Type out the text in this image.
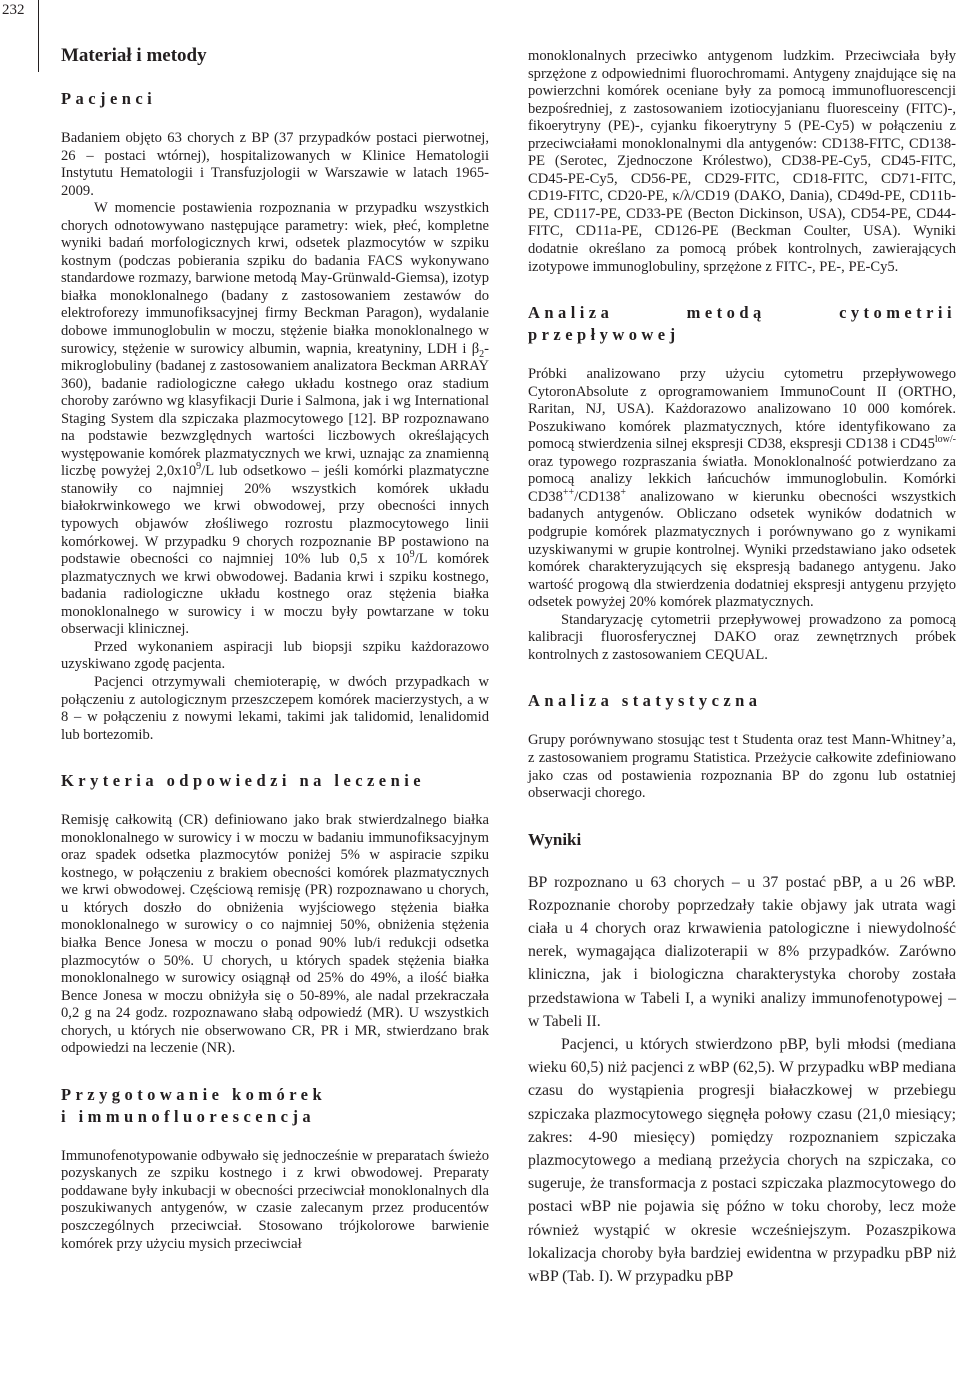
232
Materiał i metody
Pacjenci

Badaniem objęto 63 chorych z BP (37 przypadków postaci pierwotnej, 26 – postaci wtórnej), hospitalizowanych w Klinice Hematologii Instytutu Hematologii i Transfuzjologii w Warszawie w latach 1965-2009.

W momencie postawienia rozpoznania w przypadku wszystkich chorych odnotowywano następujące parametry: wiek, płeć, kompletne wyniki badań morfologicznych krwi, odsetek plazmocytów w szpiku kostnym (podczas pobierania szpiku do badania FACS wykonywano standardowe rozmazy, barwione metodą May-Grünwald-Giemsa), izotyp białka monoklonalnego (badany z zastosowaniem zestawów do elektroforezy immunofiksacyjnej firmy Beckman Paragon), wydalanie dobowe immunoglobulin w moczu, stężenie białka monoklonalnego w surowicy, stężenie w surowicy albumin, wapnia, kreatyniny, LDH i $\beta_2$-mikroglobuliny (badanej z zastosowaniem analizatora Beckman ARRAY 360), badanie radiologiczne całego układu kostnego oraz stadium choroby zarówno wg klasyfikacji Durie i Salmona, jak i wg International Staging System dla szpiczaka plazmocytowego [12]. BP rozpoznawano na podstawie bezwzględnych wartości liczbowych określających występowanie komórek plazmatycznych we krwi, uznając za znamienną liczbę powyżej $2,0x10^9/L$ lub odsetkowo – jeśli komórki plazmatyczne stanowiły co najmniej 20% wszystkich komórek układu białokrwinkowego we krwi obwodowej, przy obecności innych typowych objawów złośliwego rozrostu plazmocytowego linii komórkowej. W przypadku 9 chorych rozpoznanie BP postawiono na podstawie obecności co najmniej 10% lub 0,5 x $10^9/L$ komórek plazmatycznych we krwi obwodowej. Badania krwi i szpiku kostnego, badania radiologiczne układu kostnego oraz stężenia białka monoklonalnego w surowicy i w moczu były powtarzane w toku obserwacji klinicznej.

Przed wykonaniem aspiracji lub biopsji szpiku każdorazowo uzyskiwano zgodę pacjenta.

Pacjenci otrzymywali chemioterapię, w dwóch przypadkach w połączeniu z autologicznym przeszczepem komórek macierzystych, a w 8 – w połączeniu z nowymi lekami, takimi jak talidomid, lenalidomid lub bortezomib.

Kryteria odpowiedzi na leczenie

Remisję całkowitą (CR) definiowano jako brak stwierdzalnego białka monoklonalnego w surowicy i w moczu w badaniu immunofiksacyjnym oraz spadek odsetka plazmocytów poniżej 5% w aspiracie szpiku kostnego, w połączeniu z brakiem obecności komórek plazmatycznych we krwi obwodowej. Częściową remisję (PR) rozpoznawano u chorych, u których doszło do obniżenia wyjściowego stężenia białka monoklonalnego w surowicy o co najmniej 50%, obniżenia stężenia białka Bence Jonesa w moczu o ponad 90% lub/i redukcji odsetka plazmocytów o 50%. U chorych, u których spadek stężenia białka monoklonalnego w surowicy osiągnął od 25% do 49%, a ilość białka Bence Jonesa w moczu obniżyła się o 50-89%, ale nadal przekraczała 0,2 g na 24 godz. rozpoznawano słabą odpowiedź (MR). U wszystkich chorych, u których nie obserwowano CR, PR i MR, stwierdzano brak odpowiedzi na leczenie (NR).

Przygotowanie komórek
i immunofluorescencja

Immunofenotypowanie odbywało się jednocześnie w preparatach świeżo pozyskanych ze szpiku kostnego i z krwi obwodowej. Preparaty poddawane były inkubacji w obecności przeciwciał monoklonalnych dla poszukiwanych antygenów, w czasie zalecanym przez producentów poszczególnych przeciwciał. Stosowano trójkolorowe barwienie komórek przy użyciu mysich przeciwciał

monoklonalnych przeciwko antygenom ludzkim. Przeciwciała były sprzężone z odpowiednimi fluorochromami. Antygeny znajdujące się na powierzchni komórek oceniane były za pomocą immunofluorescencji bezpośredniej, z zastosowaniem izotiocyjanianu fluoresceiny (FITC)-, fikoerytryny (PE)-, cyjanku fikoerytryny 5 (PE-Cy5) w połączeniu z przeciwciałami monoklonalnymi dla antygenów: CD138-FITC, CD138-PE (Serotec, Zjednoczone Królestwo), CD38-PE-Cy5, CD45-FITC, CD45-PE-Cy5, CD56-PE, CD29-FITC, CD18-FITC, CD71-FITC, CD19-FITC, CD20-PE, κ/λ/CD19 (DAKO, Dania), CD49d-PE, CD11b-PE, CD117-PE, CD33-PE (Becton Dickinson, USA), CD54-PE, CD44-FITC, CD11a-PE, CD126-PE (Beckman Coulter, USA). Wyniki dodatnie określano za pomocą próbek kontrolnych, zawierających izotypowe immunoglobuliny, sprzężone z FITC-, PE-, PE-Cy5.

Analiza metodą cytometrii przepływowej

Próbki analizowano przy użyciu cytometru przepływowego CytoronAbsolute z oprogramowaniem ImmunoCount II (ORTHO, Raritan, NJ, USA). Każdorazowo analizowano 10 000 komórek. Poszukiwano komórek plazmatycznych, które identyfikowano za pomocą stwierdzenia silnej ekspresji CD38, ekspresji CD138 i $CD45^{low/-}$ oraz typowego rozpraszania światła. Monoklonalność potwierdzano za pomocą analizy lekkich łańcuchów immunoglobulin. Komórki CD38++/CD138+ analizowano w kierunku obecności wszystkich badanych antygenów. Obliczano odsetek wyników dodatnich w podgrupie komórek plazmatycznych i porównywano go z wynikami uzyskiwanymi w grupie kontrolnej. Wyniki przedstawiano jako odsetek komórek charakteryzujących się ekspresją badanego antygenu. Jako wartość progową dla stwierdzenia dodatniej ekspresji antygenu przyjęto odsetek powyżej 20% komórek plazmatycznych.

Standaryzację cytometrii przepływowej prowadzono za pomocą kalibracji fluorosferycznej DAKO oraz zewnętrznych próbek kontrolnych z zastosowaniem CEQUAL.

Analiza statystyczna

Grupy porównywano stosując test t Studenta oraz test Mann-Whitney’a, z zastosowaniem programu Statistica. Przeżycie całkowite zdefiniowano jako czas od postawienia rozpoznania BP do zgonu lub ostatniej obserwacji chorego.

Wyniki

BP rozpoznano u 63 chorych – u 37 postać pBP, a u 26 wBP. Rozpoznanie choroby poprzedzały takie objawy jak utrata wagi ciała u 4 chorych oraz krwawienia patologiczne i niewydolność nerek, wymagająca dializoterapii w 8% przypadków. Zarówno kliniczna, jak i biologiczna charakterystyka choroby została przedstawiona w Tabeli I, a wyniki analizy immunofenotypowej – w Tabeli II.

Pacjenci, u których stwierdzono pBP, byli młodsi (mediana wieku 60,5) niż pacjenci z wBP (62,5). W przypadku wBP mediana czasu do wystąpienia progresji białaczkowej w przebiegu szpiczaka plazmocytowego sięgnęła połowy czasu (21,0 miesiący; zakres: 4-90 miesięcy) pomiędzy rozpoznaniem szpiczaka plazmocytowego a medianą przeżycia chorych na szpiczaka, co sugeruje, że transformacja z postaci szpiczaka plazmocytowego do postaci wBP nie pojawia się późno w toku choroby, lecz może również wystąpić w okresie wcześniejszym. Pozaszpikowa lokalizacja choroby była bardziej ewidentna w przypadku pBP niż wBP (Tab. I). W przypadku pBP
